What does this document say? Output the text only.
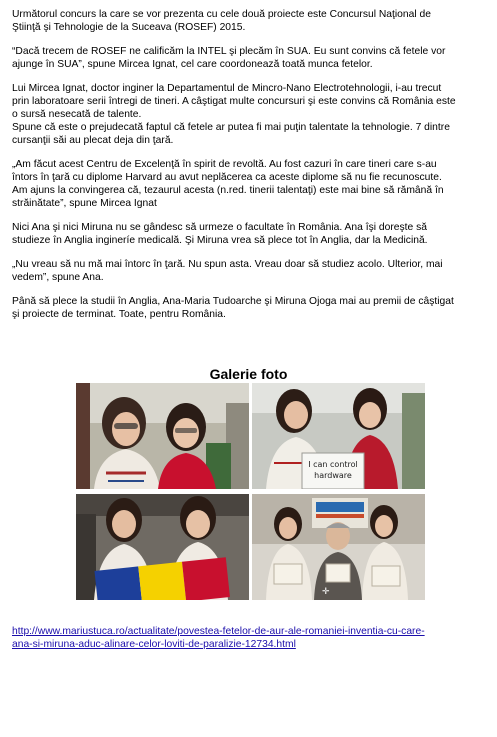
Următorul concurs la care se vor prezenta cu cele două proiecte este Concursul Naţional de
Ştiinţă şi Tehnologie de la Suceava (ROSEF) 2015.

“Dacă trecem de ROSEF ne calificăm la INTEL şi plecăm în SUA. Eu sunt convins că fetele vor
ajunge în SUA”, spune Mircea Ignat, cel care coordonează toată munca fetelor.

Lui Mircea Ignat, doctor inginer la Departamentul de Mincro-Nano Electrotehnologii, i-au trecut
prin laboratoare serii întregi de tineri. A câştigat multe concursuri şi este convins că România este
o sursă nesecată de talente.
Spune că este o prejudecată faptul că fetele ar putea fi mai puţin talentate la tehnologie. 7 dintre
cursanţii săi au plecat deja din ţară.

„Am făcut acest Centru de Excelenţă în spirit de revoltă. Au fost cazuri în care tineri care s-au
întors în ţară cu diplome Harvard au avut neplăcerea ca aceste diplome să nu fie recunoscute.
Am ajuns la convingerea că, tezaurul acesta (n.red. tinerii talentaţi) este mai bine să rămână în
străinătate”, spune Mircea Ignat

Nici Ana şi nici Miruna nu se gândesc să urmeze o facultate în România. Ana îşi doreşte să
studieze în Anglia ingineríe medicală. Şi Miruna vrea să plece tot în Anglia, dar la Medicină.

„Nu vreau să nu mă mai întorc în ţară. Nu spun asta. Vreau doar să studiez acolo. Ulterior, mai
vedem”, spune Ana.

Până să plece la studii în Anglia, Ana-Maria Tudoarche şi Miruna Ojoga mai au premii de câştigat
şi proiecte de terminat. Toate, pentru România.

Galerie foto
I can control
hardware
✛
http://www.mariustuca.ro/actualitate/povestea-fetelor-de-aur-ale-romaniei-inventia-cu-care-
ana-si-miruna-aduc-alinare-celor-loviti-de-paralizie-12734.html
